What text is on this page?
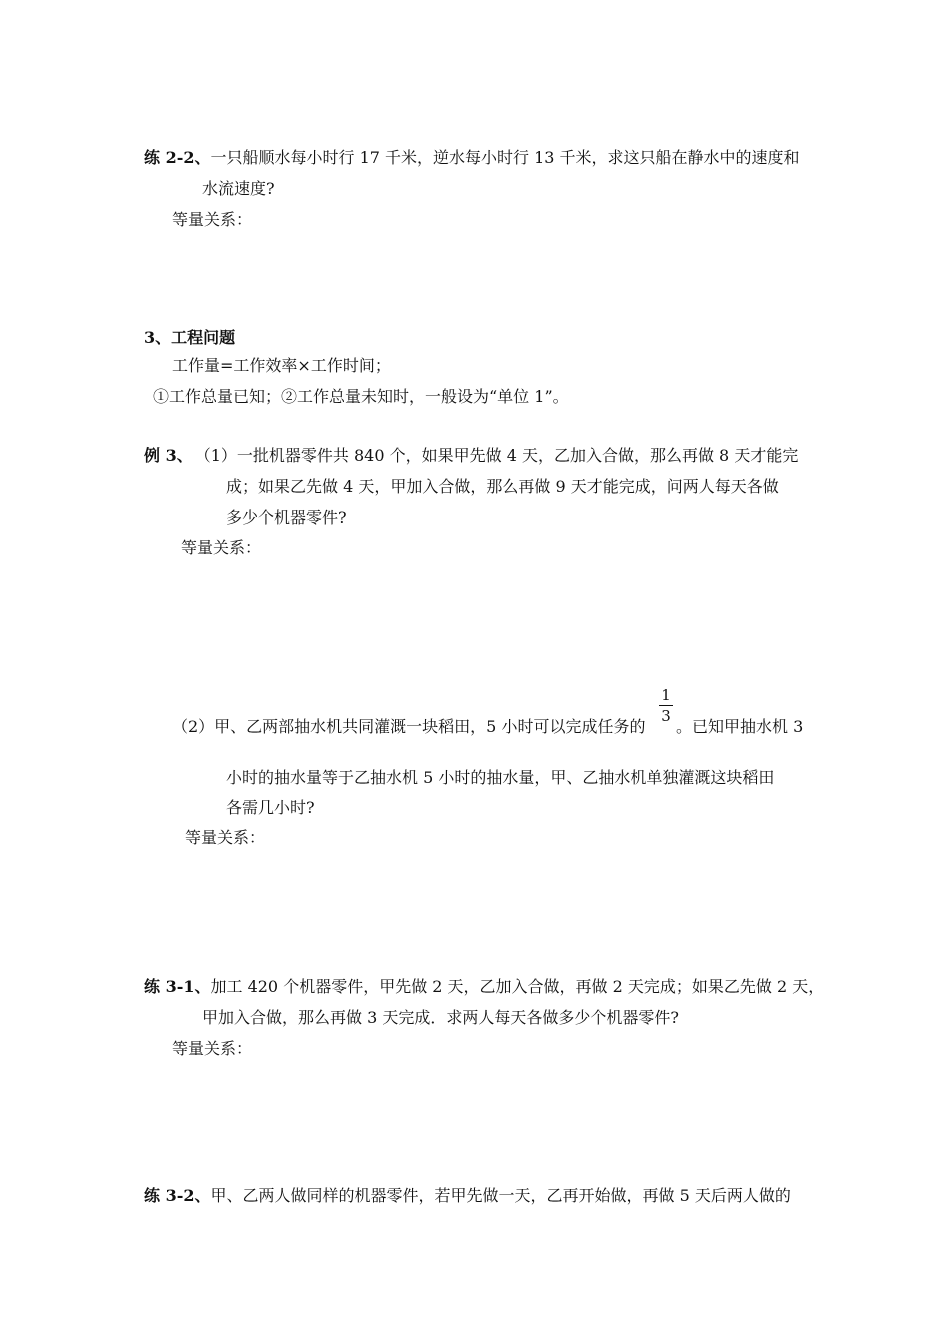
练 2-2、一只船顺水每小时行 17 千米，逆水每小时行 13 千米，求这只船在静水中的速度和
水流速度?
等量关系：
3、工程问题
工作量=工作效率×工作时间；
①工作总量已知；②工作总量未知时，一般设为“单位 1”。
例 3、 （1）一批机器零件共 840 个，如果甲先做 4 天，乙加入合做，那么再做 8 天才能完
成；如果乙先做 4 天，甲加入合做，那么再做 9 天才能完成，问两人每天各做
多少个机器零件?
等量关系：
（2）甲、乙两部抽水机共同灌溉一块稻田，5 小时可以完成任务的
1
3
。已知甲抽水机 3
小时的抽水量等于乙抽水机 5 小时的抽水量，甲、乙抽水机单独灌溉这块稻田
各需几小时?
等量关系：
练 3-1、加工 420 个机器零件，甲先做 2 天，乙加入合做，再做 2 天完成；如果乙先做 2 天，
甲加入合做，那么再做 3 天完成．求两人每天各做多少个机器零件?
等量关系：
练 3-2、甲、乙两人做同样的机器零件，若甲先做一天，乙再开始做，再做 5 天后两人做的
